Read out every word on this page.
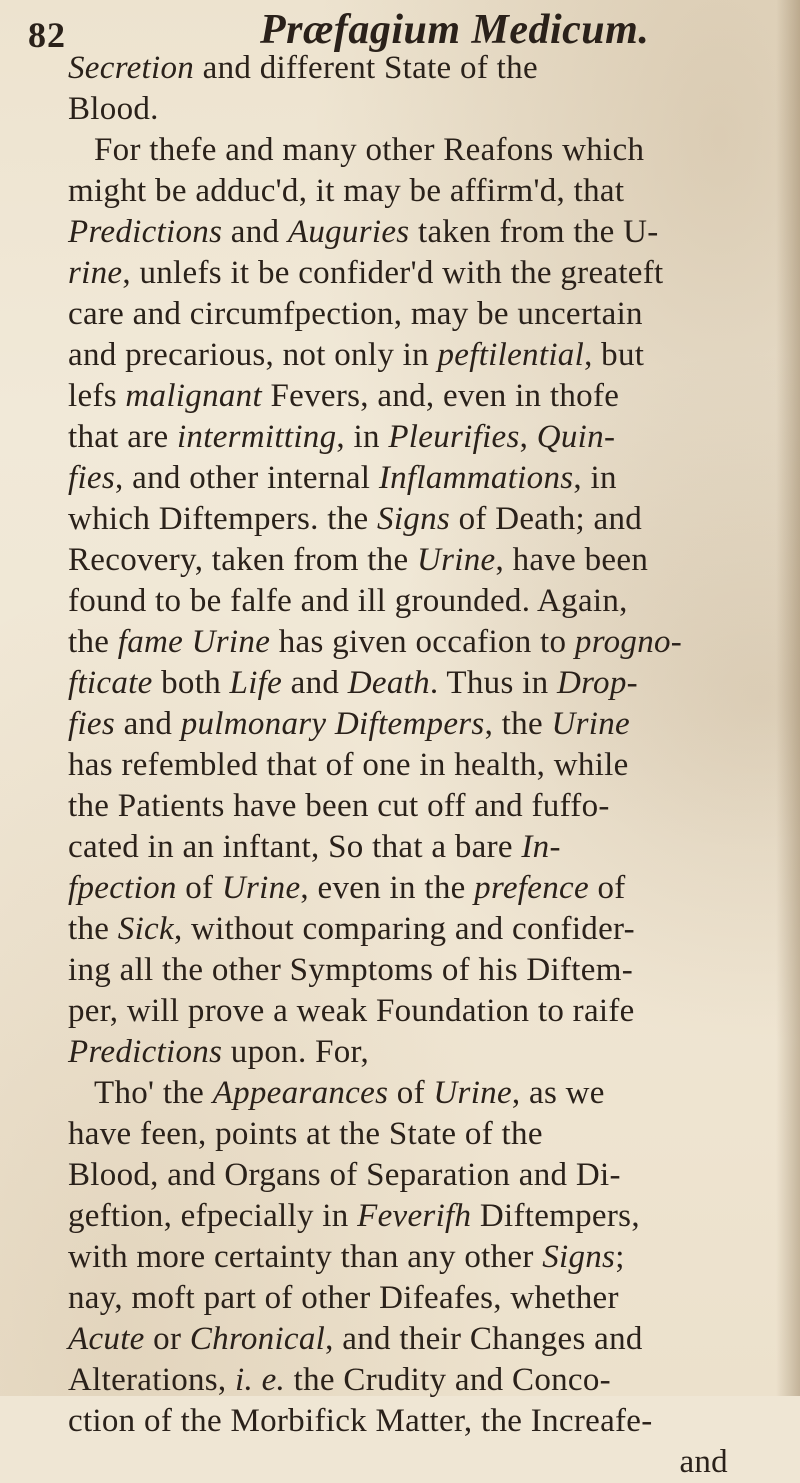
82	Præfagium Medicum.
Secretion and different State of the
Blood.
For thefe and many other Reafons which
might be adduc'd, it may be affirm'd, that
Predictions and Auguries taken from the U-
rine, unlefs it be confider'd with the greateft
care and circumfpection, may be uncertain
and precarious, not only in peftilential, but
lefs malignant Fevers, and, even in thofe
that are intermitting, in Pleurifies, Quin-
fies, and other internal Inflammations, in
which Diftempers. the Signs of Death; and
Recovery, taken from the Urine, have been
found to be falfe and ill grounded. Again,
the fame Urine has given occafion to progno-
fticate both Life and Death. Thus in Drop-
fies and pulmonary Diftempers, the Urine
has refembled that of one in health, while
the Patients have been cut off and fuffo-
cated in an inftant, So that a bare In-
fpection of Urine, even in the prefence of
the Sick, without comparing and confider-
ing all the other Symptoms of his Diftem-
per, will prove a weak Foundation to raife
Predictions upon. For,
Tho' the Appearances of Urine, as we
have feen, points at the State of the
Blood, and Organs of Separation and Di-
geftion, efpecially in Feverifh Diftempers,
with more certainty than any other Signs;
nay, moft part of other Difeafes, whether
Acute or Chronical, and their Changes and
Alterations, i. e. the Crudity and Conco-
ction of the Morbifick Matter, the Increafe-
and
